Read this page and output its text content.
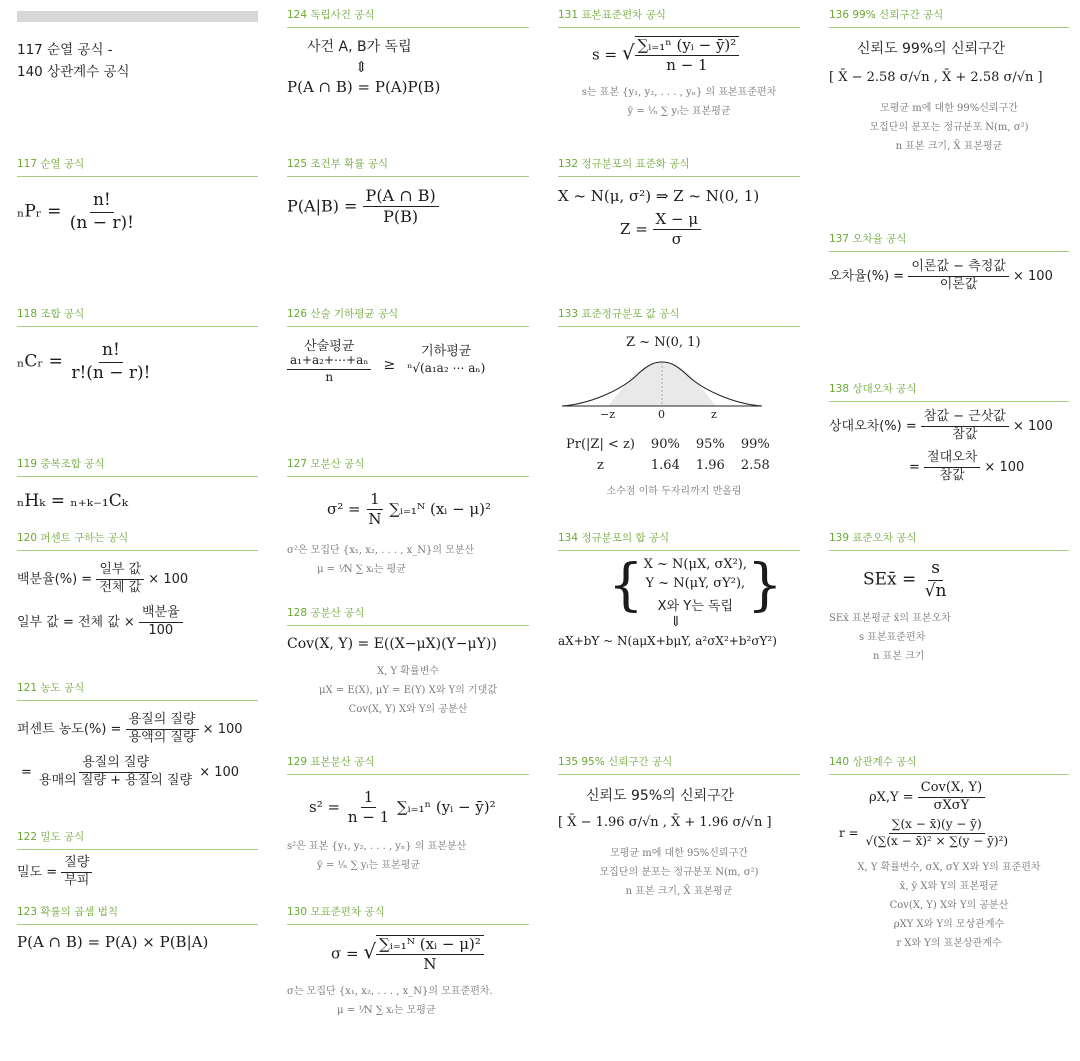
117 순열 공식 -
140 상관계수 공식
117 순열 공식
ₙPᵣ = $\frac{n!}{(n - r)!}$
118 조합 공식
ₙCᵣ = $\frac{n!}{r!(n - r)!}$
119 중복조합 공식
ₙHₖ = ₙ₊ₖ₋₁Cₖ
120 퍼센트 구하는 공식
백분율(%) = $\frac{\text{일부 값}}{\text{전체 값}} \times 100$
일부 값 = 전체 값 × $\frac{\text{백분율}}{100}$
121 농도 공식
퍼센트 농도(%) = $\frac{\text{용질의 질량}}{\text{용액의 질량}} \times 100$
= $\frac{\text{용질의 질량}}{\text{용매의 질량 + 용질의 질량}} \times 100$
122 밀도 공식
밀도 = $\frac{\text{질량}}{\text{부피}}$
123 확률의 곱셈 법칙
P(A ∩ B) = P(A) × P(B|A)
124 독립사건 공식
사건 A, B가 독립
⇕
P(A ∩ B) = P(A)P(B)
125 조건부 확률 공식
$P(A|B) = \frac{P(A \cap B)}{P(B)}$
126 산술 기하평균 공식
산술평균
$\frac{\text{a₁+a₂+⋯+aₙ}}{n}$ ≥
기하평균
ⁿ√(a₁a₂ ⋯ aₙ)
127 모분산 공식
$\sigma^2 = \frac{1}{N}$ ∑ᵢ₌₁ᴺ (xᵢ − μ)²
σ²은 모집단 {x₁, x₂, . . . , x_N}의 모분산
μ = ¹⁄N ∑ xᵢ는 평균
128 공분산 공식
Cov(X, Y) = E((X−μX)(Y−μY))
X, Y 확률변수
μX = E(X), μY = E(Y) X와 Y의 기댓값
Cov(X, Y) X와 Y의 공분산
129 표본분산 공식
$s^2 = \frac{1}{n - 1}$ ∑ᵢ₌₁ⁿ (yᵢ − ȳ)²
s²은 표본 {y₁, y₂, . . . , yₙ} 의 표본분산
ȳ = ¹⁄ₙ ∑ yᵢ는 표본평균
130 모표준편차 공식
σ = √ $\frac{\text{∑ᵢ₌₁ᴺ (xᵢ − μ)²}}{N}$
σ는 모집단 {x₁, x₂, . . . , x_N}의 모표준편차.
μ = ¹⁄N ∑ xᵢ는 모평균
131 표본표준편차 공식
s = √ $\frac{\text{∑ᵢ₌₁ⁿ (yᵢ − ȳ)²}}{n - 1}$
s는 표본 {y₁, y₂, . . . , yₙ} 의 표본표준편차
ȳ = ¹⁄ₙ ∑ yᵢ는 표본평균
132 정규분포의 표준화 공식
X ~ N(μ, σ²) ⇒ Z ~ N(0, 1)
$Z = \frac{X - \mu}{\sigma}$
133 표준정규분포 값 공식
Z ~ N(0, 1)
−z	0	z
Pr(|Z| < z)	90%	95%	99%
z	1.64	1.96	2.58
소수점 이하 두자리까지 반올림
134 정규분포의 합 공식
{ X ~ N(μX, σX²),
Y ~ N(μY, σY²),
X와 Y는 독립 }
⇓
aX+bY ~ N(aμX+bμY, a²σX²+b²σY²)
135 95% 신뢰구간 공식
신뢰도 95%의 신뢰구간
[ X̄ − 1.96 σ/√n , X̄ + 1.96 σ/√n ]
모평균 m에 대한 95%신뢰구간
모집단의 분포는 정규분포 N(m, σ²)
n 표본 크기, X̄ 표본평균
136 99% 신뢰구간 공식
신뢰도 99%의 신뢰구간
[ X̄ − 2.58 σ/√n , X̄ + 2.58 σ/√n ]
모평균 m에 대한 99%신뢰구간
모집단의 분포는 정규분포 N(m, σ²)
n 표본 크기, X̄ 표본평균
137 오차율 공식
오차율(%) = $\frac{\text{이론값 − 측정값}}{\text{이론값}} \times 100$
138 상대오차 공식
상대오차(%) = $\frac{\text{참값 − 근삿값}}{\text{참값}} \times 100$
= $\frac{\text{절대오차}}{\text{참값}} \times 100$
139 표준오차 공식
SEx̄ = $\frac{s}{√n}$
SEx̄ 표본평균 x̄의 표본오차
s 표본표준편차
n 표본 크기
140 상관계수 공식
$\rho X,Y = \frac{\text{Cov(X, Y)}}{\text{σXσY}}$
$r = \frac{\sum(x - x̄)(y - ȳ)}{\text{√(∑(x − x̄)² × ∑(y − ȳ)²)}}$
X, Y 확률변수, σX, σY X와 Y의 표준편차
x̄, ȳ X와 Y의 표본평균
Cov(X, Y) X와 Y의 공분산
ρXY X와 Y의 모상관계수
r X와 Y의 표본상관계수
